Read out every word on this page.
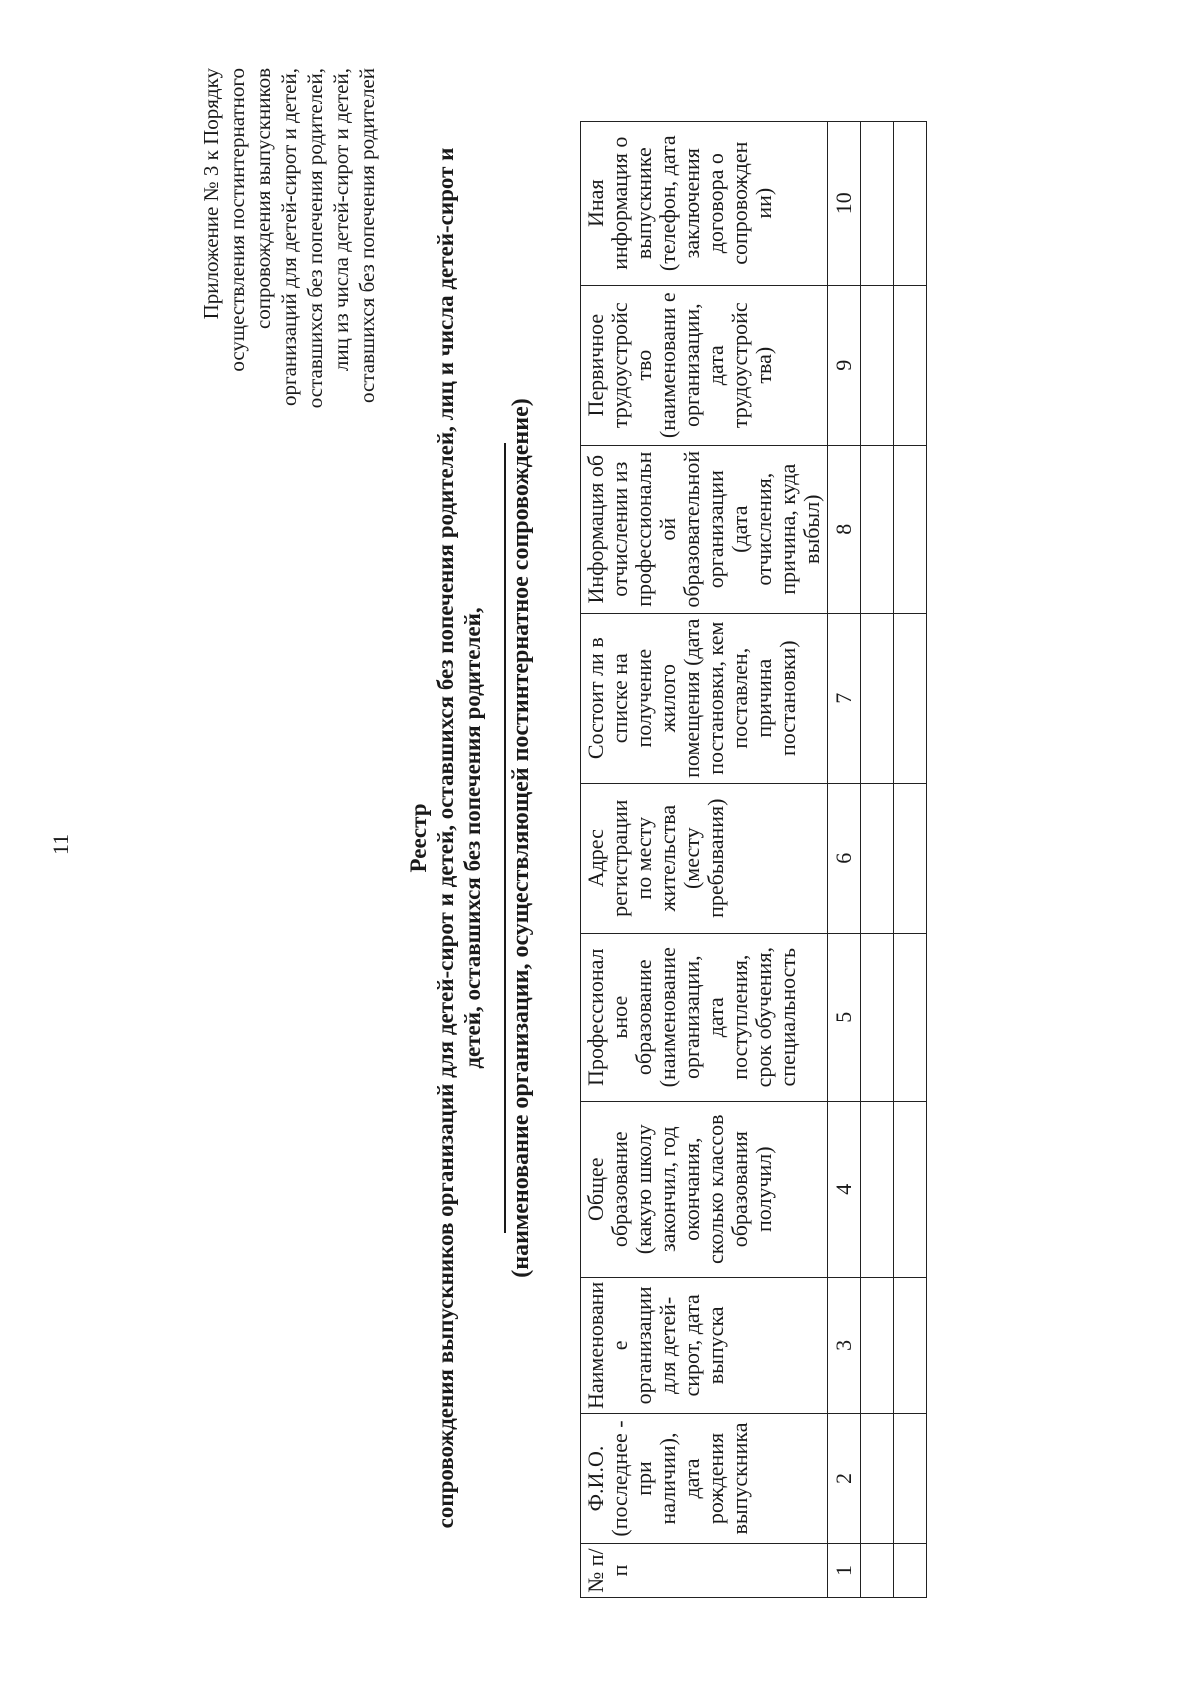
11
Приложение № 3 к Порядку осуществления постинтернатного сопровождения выпускников организаций для детей-сирот и детей, оставшихся без попечения родителей, лиц из числа детей-сирот и детей, оставшихся без попечения родителей
Реестр сопровождения выпускников организаций для детей-сирот и детей, оставшихся без попечения родителей, лиц и числа детей-сирот и детей, оставшихся без попечения родителей, (наименование организации, осуществляющей постинтернатное сопровождение)
№ п/п	Ф.И.О. (последнее - при наличии), дата рождения выпускника	Наименовани е организации для детей-сирот, дата выпуска	Общее образование (какую школу закончил, год окончания, сколько классов образования получил)	Профессионал ьное образование (наименование организации, дата поступления, срок обучения, специальность	Адрес регистрации по месту жительства (месту пребывания)	Состоит ли в списке на получение жилого помещения (дата постановки, кем поставлен, причина постановки)	Информация об отчислении из профессиональн ой образовательной организации (дата отчисления, причина, куда выбыл)	Первичное трудоустройс тво (наименовани е организации, дата трудоустройс тва)	Иная информация о выпускнике (телефон, дата заключения договора о сопровожден ии)
1	2	3	4	5	6	7	8	9	10
